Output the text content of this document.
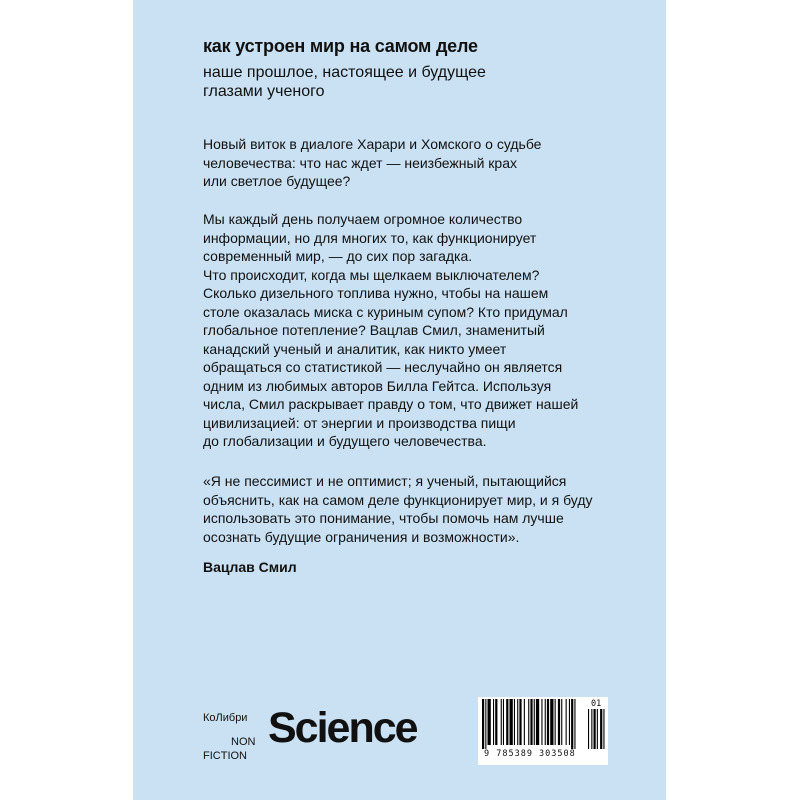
как устроен мир на самом деле
наше прошлое, настоящее и будущее
глазами ученого
Новый виток в диалоге Харари и Хомского о судьбе
человечества: что нас ждет — неизбежный крах
или светлое будущее?
Мы каждый день получаем огромное количество
информации, но для многих то, как функционирует
современный мир, — до сих пор загадка.
Что происходит, когда мы щелкаем выключателем?
Сколько дизельного топлива нужно, чтобы на нашем
столе оказалась миска с куриным супом? Кто придумал
глобальное потепление? Вацлав Смил, знаменитый
канадский ученый и аналитик, как никто умеет
обращаться со статистикой — неслучайно он является
одним из любимых авторов Билла Гейтса. Используя
числа, Смил раскрывает правду о том, что движет нашей
цивилизацией: от энергии и производства пищи
до глобализации и будущего человечества.
«Я не пессимист и не оптимист; я ученый, пытающийся
объяснить, как на самом деле функционирует мир, и я буду
использовать это понимание, чтобы помочь нам лучше
осознать будущие ограничения и возможности».
Вацлав Смил
КоЛибри
NON
FICTION
Science
9 785389 303508
01
